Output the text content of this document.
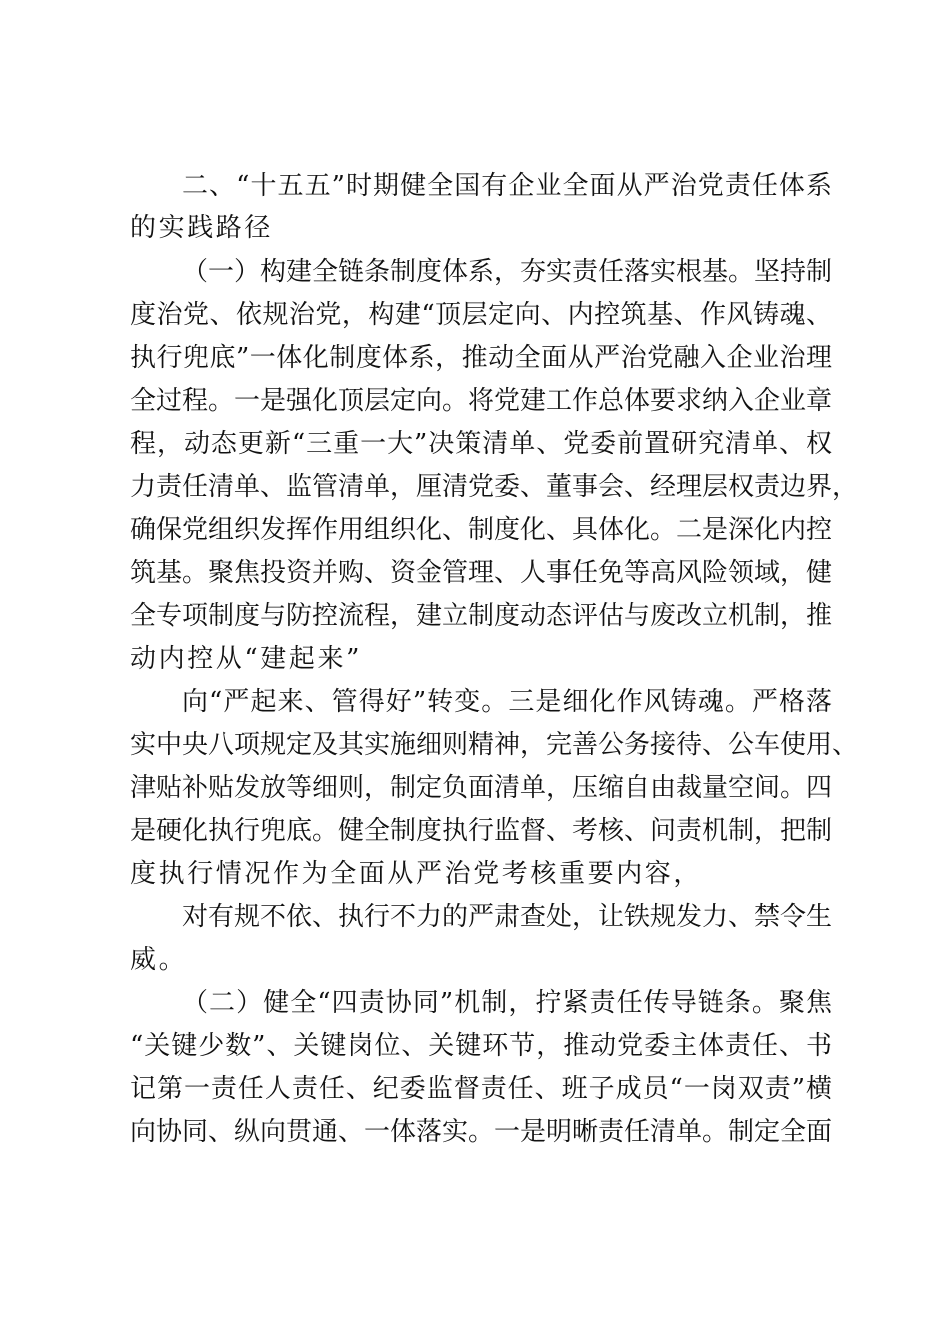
二、“十五五”时期健全国有企业全面从严治党责任体系
的实践路径
（一）构建全链条制度体系，夯实责任落实根基。坚持制
度治党、依规治党，构建“顶层定向、内控筑基、作风铸魂、
执行兜底”一体化制度体系，推动全面从严治党融入企业治理
全过程。一是强化顶层定向。将党建工作总体要求纳入企业章
程，动态更新“三重一大”决策清单、党委前置研究清单、权
力责任清单、监管清单，厘清党委、董事会、经理层权责边界，
确保党组织发挥作用组织化、制度化、具体化。二是深化内控
筑基。聚焦投资并购、资金管理、人事任免等高风险领域，健
全专项制度与防控流程，建立制度动态评估与废改立机制，推
动内控从“建起来”
向“严起来、管得好”转变。三是细化作风铸魂。严格落
实中央八项规定及其实施细则精神，完善公务接待、公车使用、
津贴补贴发放等细则，制定负面清单，压缩自由裁量空间。四
是硬化执行兜底。健全制度执行监督、考核、问责机制，把制
度执行情况作为全面从严治党考核重要内容，
对有规不依、执行不力的严肃查处，让铁规发力、禁令生
威。
（二）健全“四责协同”机制，拧紧责任传导链条。聚焦
“关键少数”、关键岗位、关键环节，推动党委主体责任、书
记第一责任人责任、纪委监督责任、班子成员“一岗双责”横
向协同、纵向贯通、一体落实。一是明晰责任清单。制定全面
